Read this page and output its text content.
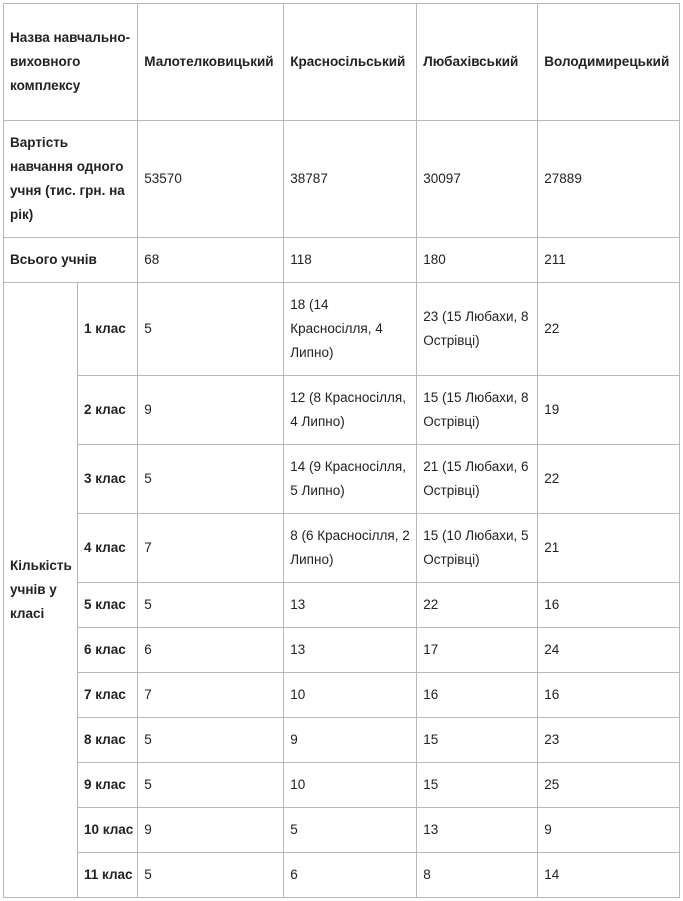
Назва навчально-виховного комплексу		Малотелковицький	Красносільський	Любахівський	Володимирецький
Вартість навчання одного учня (тис. грн. на рік)		53570	38787	30097	27889
Всього учнів		68	118	180	211
Кількість учнів у класі	1 клас	5	18 (14 Красносілля, 4 Липно)	23 (15 Любахи, 8 Острівці)	22
	2 клас	9	12 (8 Красносілля, 4 Липно)	15 (15 Любахи, 8 Острівці)	19
	3 клас	5	14 (9 Красносілля, 5 Липно)	21 (15 Любахи, 6 Острівці)	22
	4 клас	7	8 (6 Красносілля, 2 Липно)	15 (10 Любахи, 5 Острівці)	21
	5 клас	5	13	22	16
	6 клас	6	13	17	24
	7 клас	7	10	16	16
	8 клас	5	9	15	23
	9 клас	5	10	15	25
	10 клас	9	5	13	9
	11 клас	5	6	8	14
